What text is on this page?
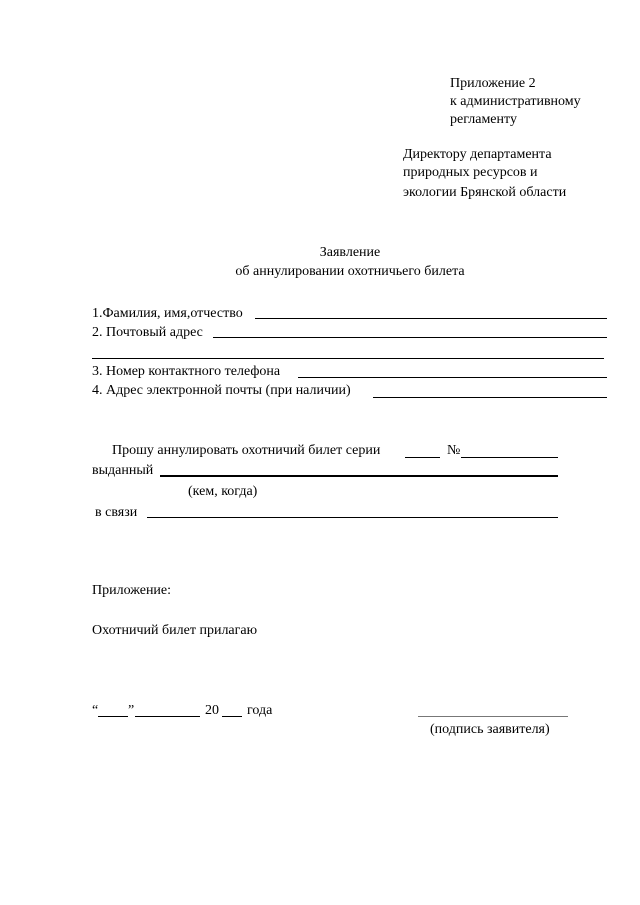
Приложение 2
к административному
регламенту
Директору департамента
природных ресурсов и
экологии Брянской области
Заявление
об аннулировании охотничьего билета
1.Фамилия, имя,отчество
2. Почтовый адрес
3. Номер контактного телефона
4. Адрес электронной почты (при наличии)
Прошу аннулировать охотничий билет серии	№
выданный
(кем, когда)
в связи
Приложение:
Охотничий билет прилагаю
“ ”	20 года
(подпись заявителя)
